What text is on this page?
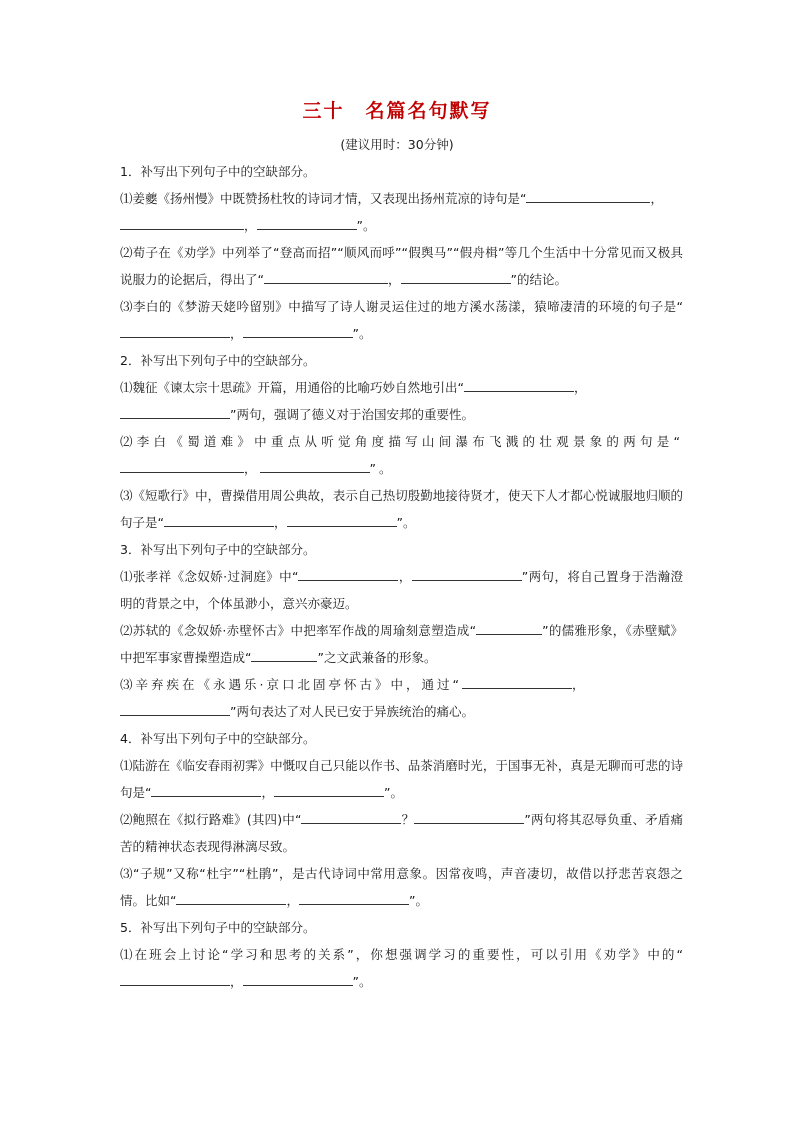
三十　名篇名句默写
(建议用时：30分钟)

1．补写出下列句子中的空缺部分。

⑴姜夔《扬州慢》中既赞扬杜牧的诗词才情，又表现出扬州荒凉的诗句是“	，
，	”。

⑵荀子在《劝学》中列举了“登高而招”“顺风而呼”“假舆马”“假舟楫”等几个生活中十分常见而又极具说服力的论据后，得出了“	，	”的结论。

⑶李白的《梦游天姥吟留别》中描写了诗人谢灵运住过的地方溪水荡漾，猿啼凄清的环境的句子是“，	”。

2．补写出下列句子中的空缺部分。

⑴魏征《谏太宗十思疏》开篇，用通俗的比喻巧妙自然地引出“	，
”两句，强调了德义对于治国安邦的重要性。

⑵李白《蜀道难》中重点从听觉角度描写山间瀑布飞溅的壮观景象的两句是“，	”。

⑶《短歌行》中，曹操借用周公典故，表示自己热切殷勤地接待贤才，使天下人才都心悦诚服地归顺的句子是“	，	”。

3．补写出下列句子中的空缺部分。

⑴张孝祥《念奴娇·过洞庭》中“	，	”两句，将自己置身于浩瀚澄明的背景之中，个体虽渺小，意兴亦豪迈。

⑵苏轼的《念奴娇·赤壁怀古》中把率军作战的周瑜刻意塑造成“	”的儒雅形象，《赤壁赋》中把军事家曹操塑造成“	”之文武兼备的形象。

⑶辛弃疾在《永遇乐·京口北固亭怀古》中，通过“	，
”两句表达了对人民已安于异族统治的痛心。

4．补写出下列句子中的空缺部分。

⑴陆游在《临安春雨初霁》中慨叹自己只能以作书、品茶消磨时光，于国事无补，真是无聊而可悲的诗句是“	，	”。

⑵鲍照在《拟行路难》(其四)中“	？	”两句将其忍辱负重、矛盾痛苦的精神状态表现得淋漓尽致。

⑶“子规”又称“杜宇”“杜鹃”，是古代诗词中常用意象。因常夜鸣，声音凄切，故借以抒悲苦哀怨之情。比如“	，	”。

5．补写出下列句子中的空缺部分。

⑴在班会上讨论“学习和思考的关系”，你想强调学习的重要性，可以引用《劝学》中的“，	”。
